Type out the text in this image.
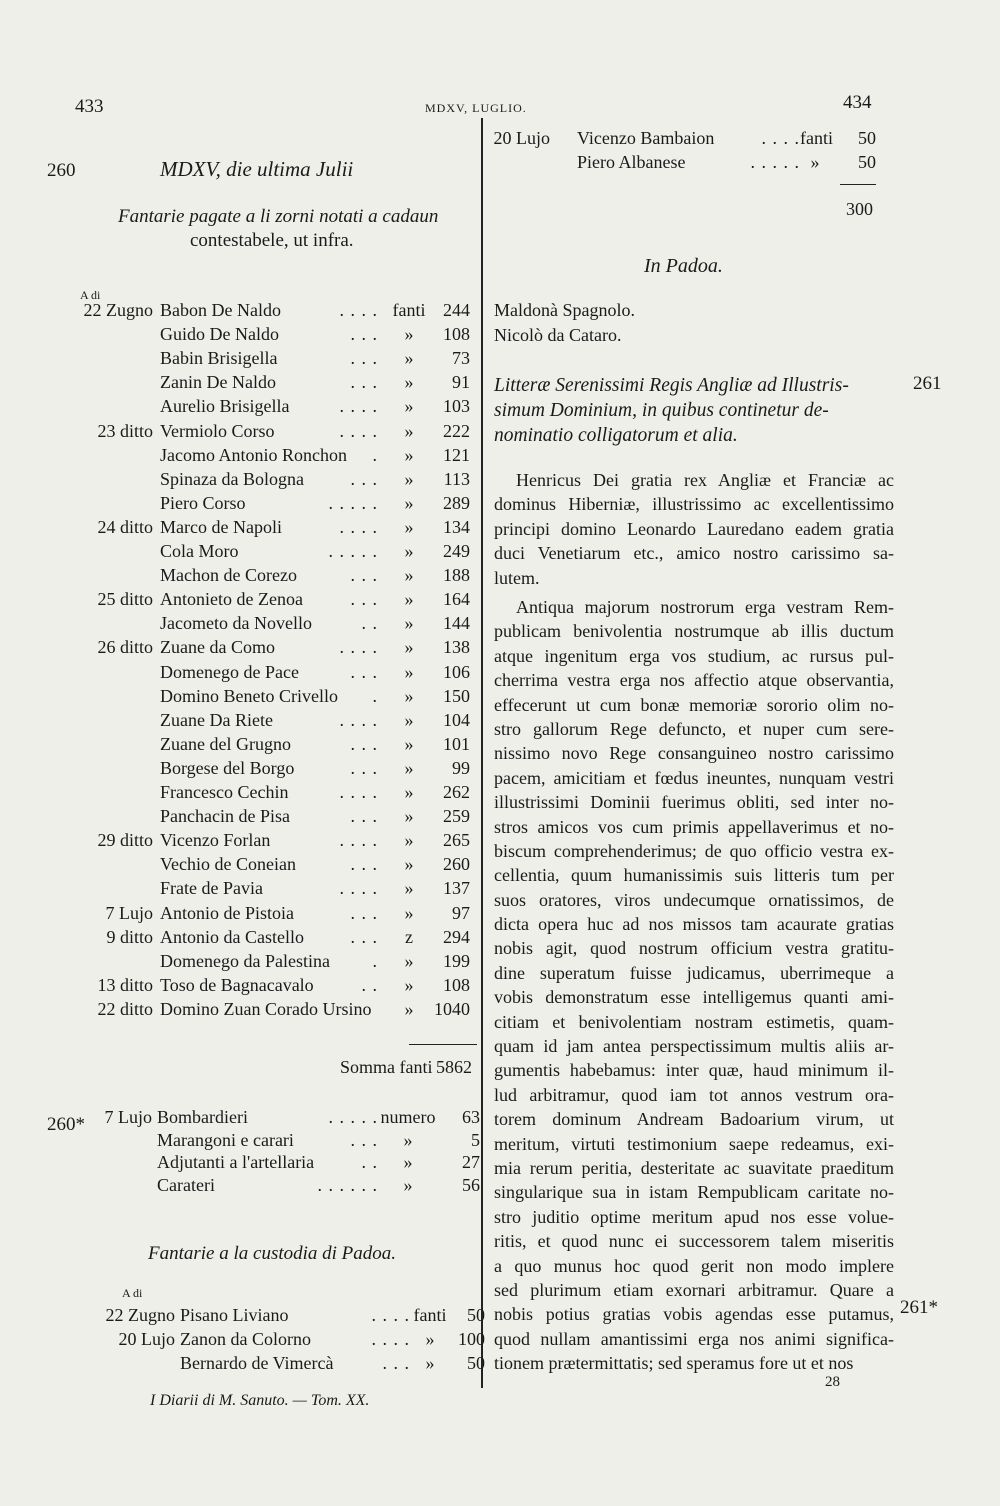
433	MDXV, LUGLIO.	434
260	MDXV, die ultima Julii
Fantarie pagate a li zorni notati a cadaun
contestabele, ut infra.
A di
22 Zugno Babon De Naldo	. . . . fanti 244
Guido De Naldo	. . .	»	108
Babin Brisigella	. . .	»	73
Zanin De Naldo	. . .	»	91
Aurelio Brisigella	. . . .	»	103
23 ditto Vermiolo Corso	. . . .	»	222
Jacomo Antonio Ronchon	.	»	121
Spinaza da Bologna	. . .	»	113
Piero Corso	. . . . .	»	289
24 ditto Marco de Napoli	. . . .	»	134
Cola Moro	. . . . .	»	249
Machon de Corezo	. . .	»	188
25 ditto Antonieto de Zenoa	. . .	»	164
Jacometo da Novello	. .	»	144
26 ditto Zuane da Como	. . . .	»	138
Domenego de Pace	. . .	»	106
Domino Beneto Crivello	.	»	150
Zuane Da Riete	. . . .	»	104
Zuane del Grugno	. . .	»	101
Borgese del Borgo	. . .	»	99
Francesco Cechin	. . . .	»	262
Panchacin de Pisa	. . .	»	259
29 ditto Vicenzo Forlan	. . . .	»	265
Vechio de Coneian	. . .	»	260
Frate de Pavia	. . . .	»	137
7 Lujo Antonio de Pistoia	. . .	»	97
9 ditto Antonio da Castello	. . .	z	294
Domenego da Palestina	.	»	199
13 ditto Toso de Bagnacavalo	. .	»	108
22 ditto Domino Zuan Corado Ursino	»	1040
Somma fanti 5862
260*	7 Lujo Bombardieri	. . . . . numero	63
Marangoni e carari	. . .	»	5
Adjutanti a l'artellaria	. .	»	27
Carateri	. . . . . .	»	56
Fantarie a la custodia di Padoa.
A di
22 Zugno Pisano Liviano	. . . . fanti	50
20 Lujo Zanon da Colorno	. . . . »	100
Bernardo de Vimercà	. . . »	50
I Diarii di M. Sanuto. — Tom. XX.
20 Lujo Vicenzo Bambaion	. . . . fanti	50
Piero Albanese	. . . . . »	50
300
In Padoa.
Maldonà Spagnolo.
Nicolò da Cataro.
261
Litteræ Serenissimi Regis Angliæ ad Illustris-
simum Dominium, in quibus continetur de-
nominatio colligatorum et alia.
Henricus Dei gratia rex Angliæ et Franciæ ac
dominus Hiberniæ, illustrissimo ac excellentissimo
principi domino Leonardo Lauredano eadem gratia
duci Venetiarum etc., amico nostro carissimo sa-
lutem.
Antiqua majorum nostrorum erga vestram Rem-
publicam benivolentia nostrumque ab illis ductum
atque ingenitum erga vos studium, ac rursus pul-
cherrima vestra erga nos affectio atque observantia,
effecerunt ut cum bonæ memoriæ sororio olim no-
stro gallorum Rege defuncto, et nuper cum sere-
nissimo novo Rege consanguineo nostro carissimo
pacem, amicitiam et fœdus ineuntes, nunquam vestri
illustrissimi Dominii fuerimus obliti, sed inter no-
stros amicos vos cum primis appellaverimus et no-
biscum comprehenderimus; de quo officio vestra ex-
cellentia, quum humanissimis suis litteris tum per
suos oratores, viros undecumque ornatissimos, de
dicta opera huc ad nos missos tam acaurate gratias
nobis agit, quod nostrum officium vestra gratitu-
dine superatum fuisse judicamus, uberrimeque a
vobis demonstratum esse intelligemus quanti ami-
citiam et benivolentiam nostram estimetis, quam-
quam id jam antea perspectissimum multis aliis ar-
gumentis habebamus: inter quæ, haud minimum il-
lud arbitramur, quod iam tot annos vestrum ora-
torem dominum Andream Badoarium virum, ut
meritum, virtuti testimonium saepe redeamus, exi-
mia rerum peritia, desteritate ac suavitate praeditum
singularique sua in istam Rempublicam caritate no-
stro juditio optime meritum apud nos esse volue-
ritis, et quod nunc ei successorem talem miseritis
a quo munus hoc quod gerit non modo implere
sed plurimum etiam exornari arbitramur. Quare a
nobis potius gratias vobis agendas esse putamus,
quod nullam amantissimi erga nos animi significa-
tionem prætermittatis; sed speramus fore ut et nos
261*
28
